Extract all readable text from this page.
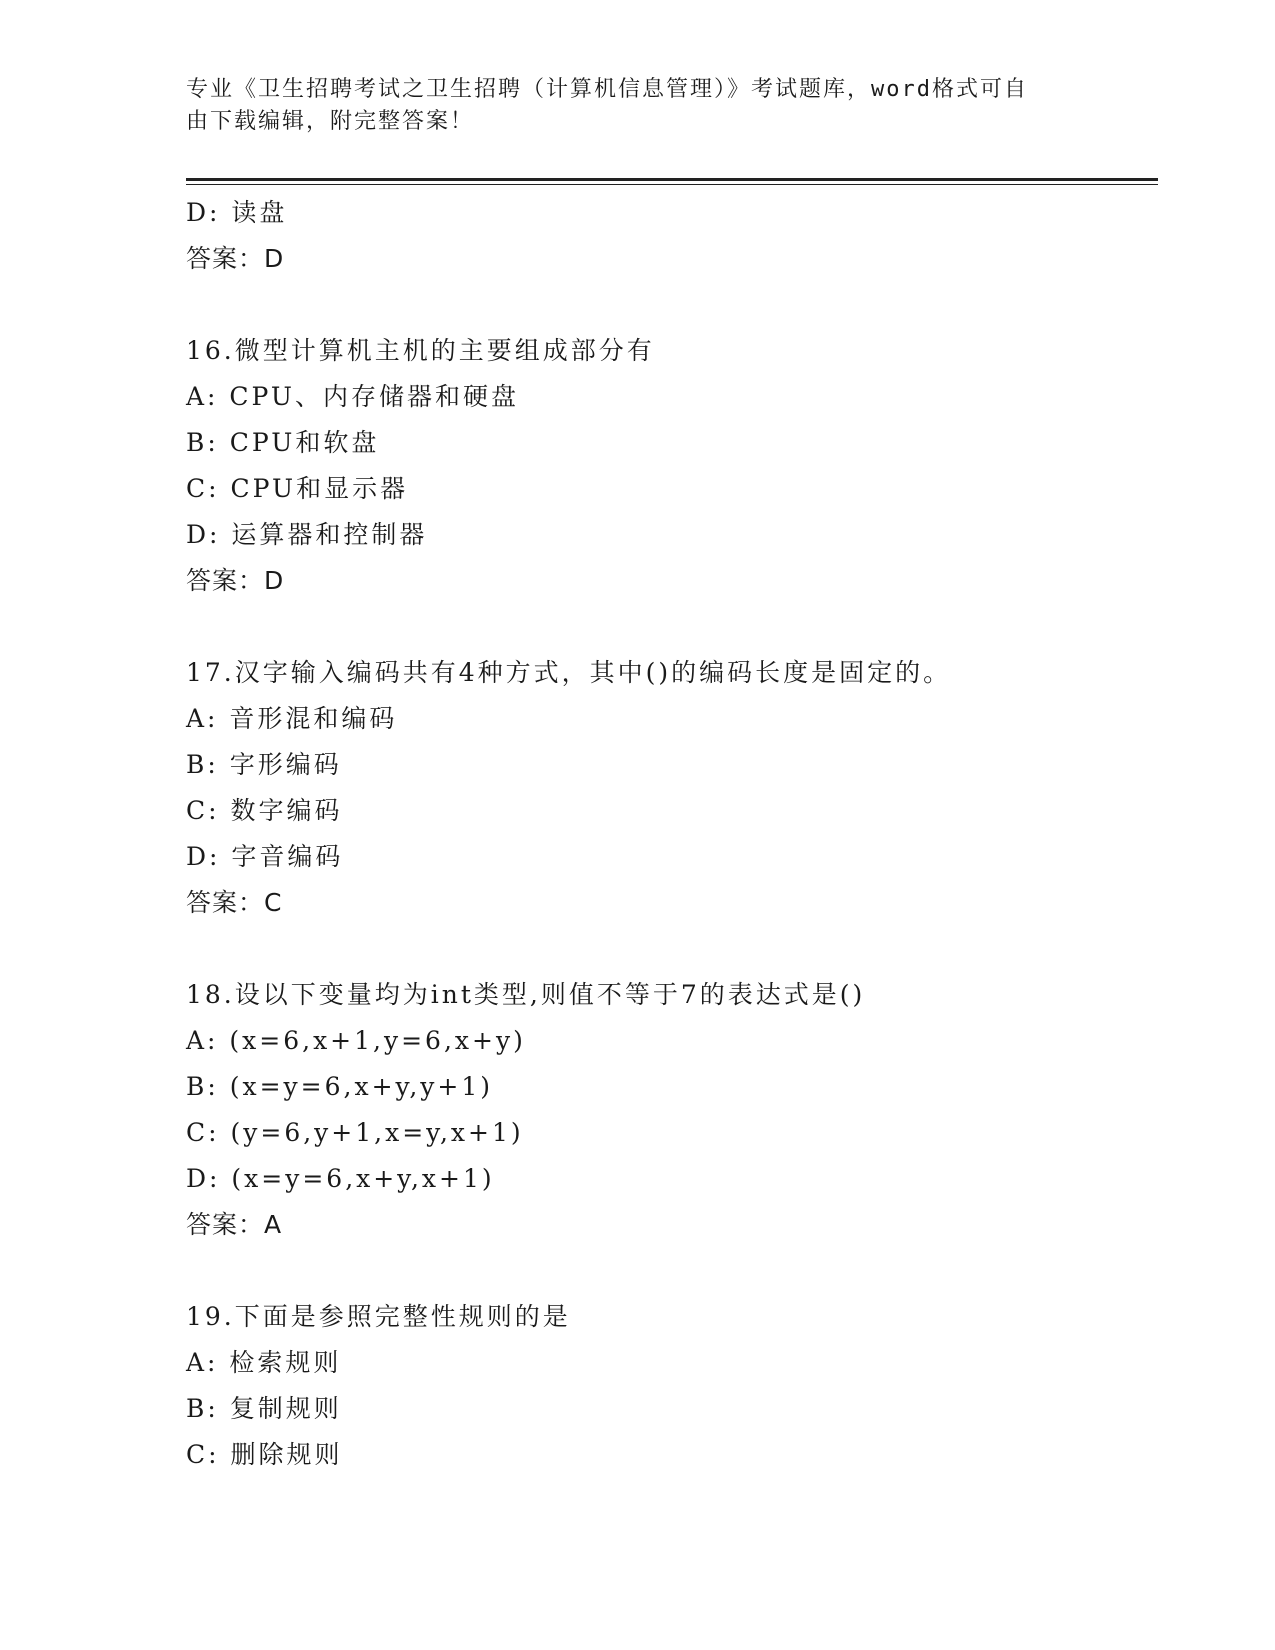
专业《卫生招聘考试之卫生招聘（计算机信息管理）》考试题库，word格式可自
由下载编辑，附完整答案！
D: 读盘
答案：D
16.微型计算机主机的主要组成部分有
A: CPU、内存储器和硬盘
B: CPU和软盘
C: CPU和显示器
D: 运算器和控制器
答案：D
17.汉字输入编码共有4种方式，其中()的编码长度是固定的。
A: 音形混和编码
B: 字形编码
C: 数字编码
D: 字音编码
答案：C
18.设以下变量均为int类型,则值不等于7的表达式是()
A: (x=6,x+1,y=6,x+y)
B: (x=y=6,x+y,y+1)
C: (y=6,y+1,x=y,x+1)
D: (x=y=6,x+y,x+1)
答案：A
19.下面是参照完整性规则的是
A: 检索规则
B: 复制规则
C: 删除规则
